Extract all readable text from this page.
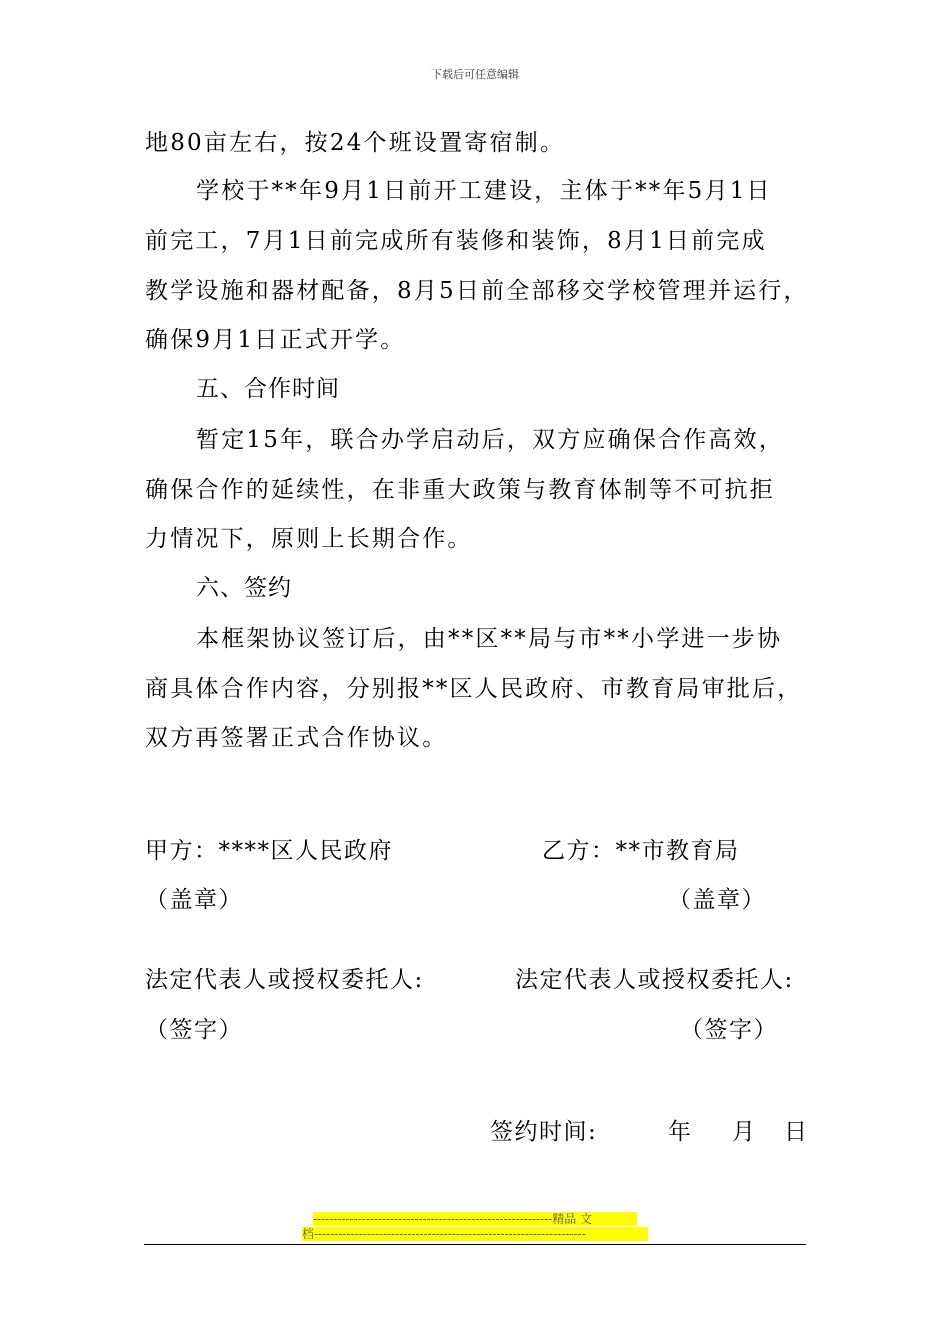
下载后可任意编辑
地80亩左右，按24个班设置寄宿制。
学校于**年9月1日前开工建设，主体于**年5月1日
前完工，7月1日前完成所有装修和装饰，8月1日前完成
教学设施和器材配备，8月5日前全部移交学校管理并运行，
确保9月1日正式开学。
五、合作时间
暂定15年，联合办学启动后，双方应确保合作高效，
确保合作的延续性，在非重大政策与教育体制等不可抗拒
力情况下，原则上长期合作。
六、签约
本框架协议签订后，由**区**局与市**小学进一步协
商具体合作内容，分别报**区人民政府、市教育局审批后，
双方再签署正式合作协议。
甲方：****区人民政府	乙方：**市教育局
（盖章）	（盖章）
法定代表人或授权委托人:	法定代表人或授权委托人:
（签字）	（签字）
签约时间:	年 月 日
-----------------------------------------------------------精品 文
档-------------------------------------------------------------------
